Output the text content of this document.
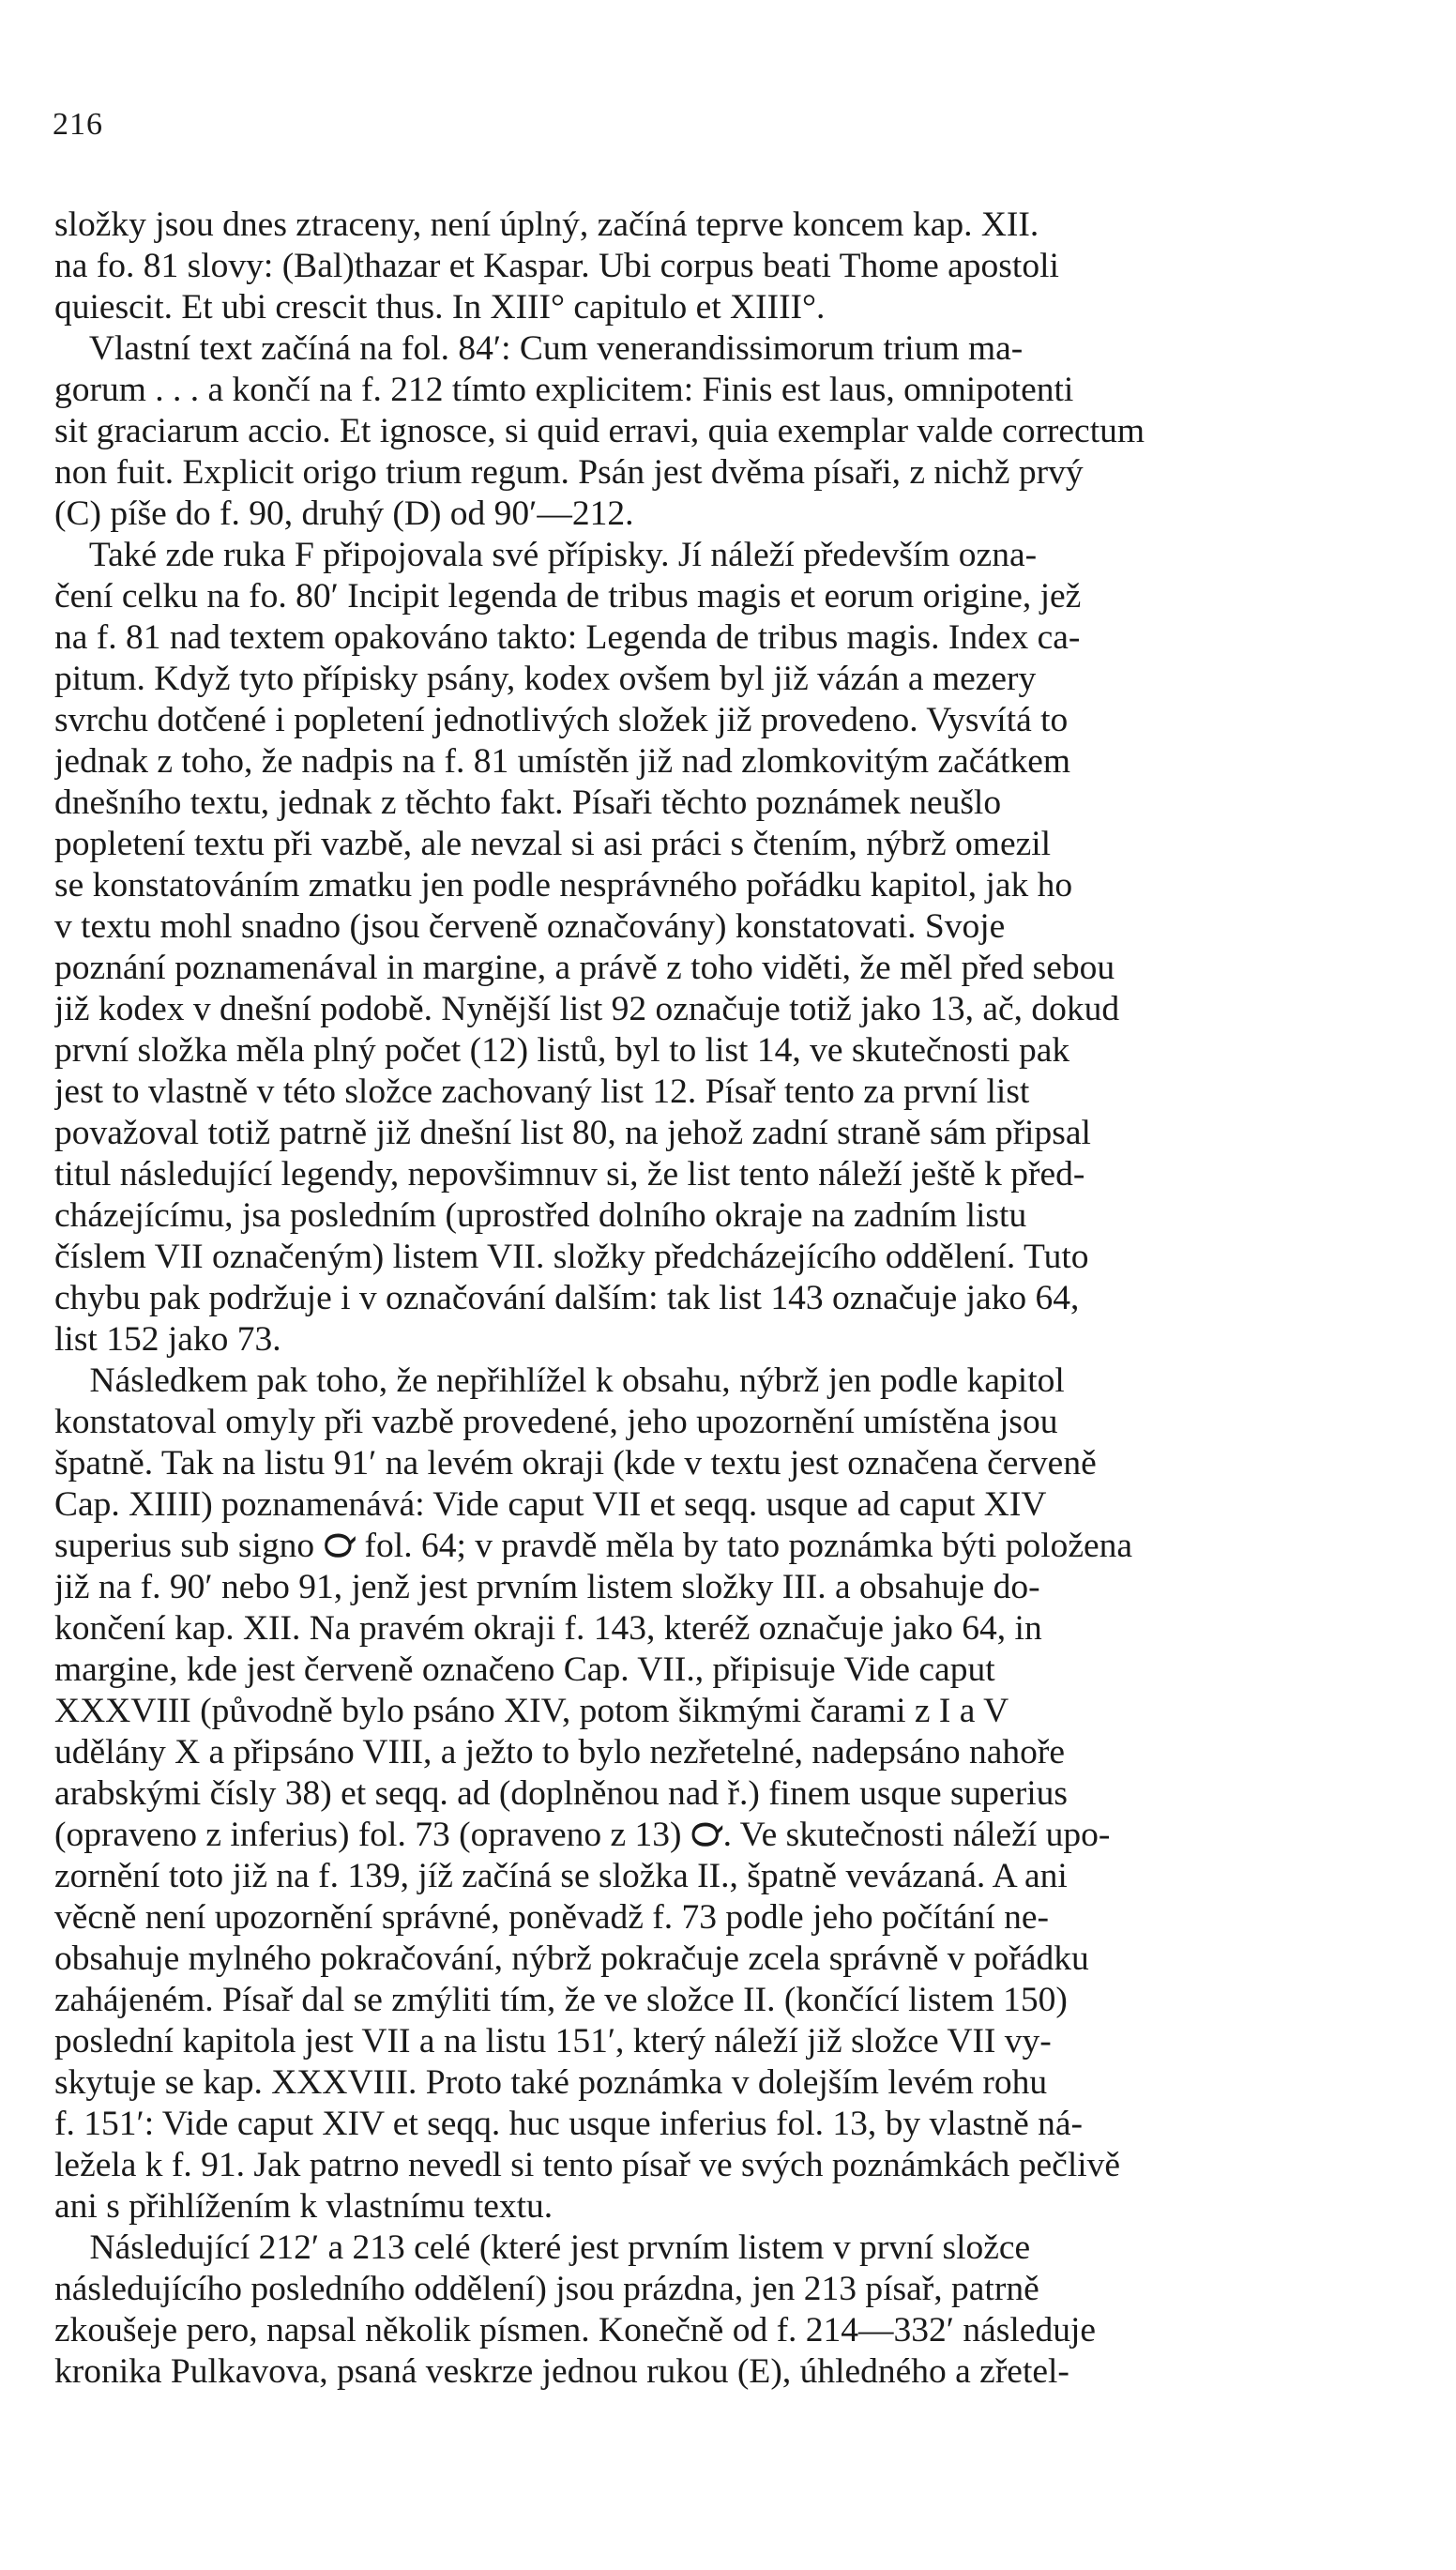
216
složky jsou dnes ztraceny, není úplný, začíná teprve koncem kap. XII.
na fo. 81 slovy: (Bal)thazar et Kaspar. Ubi corpus beati Thome apostoli
quiescit. Et ubi crescit thus. In XIII° capitulo et XIIII°.
Vlastní text začíná na fol. 84′: Cum venerandissimorum trium ma-
gorum . . . a končí na f. 212 tímto explicitem: Finis est laus, omnipotenti
sit graciarum accio. Et ignosce, si quid erravi, quia exemplar valde correctum
non fuit. Explicit origo trium regum. Psán jest dvěma písaři, z nichž prvý
(C) píše do f. 90, druhý (D) od 90′—212.
Také zde ruka F připojovala své přípisky. Jí náleží především ozna-
čení celku na fo. 80′ Incipit legenda de tribus magis et eorum origine, jež
na f. 81 nad textem opakováno takto: Legenda de tribus magis. Index ca-
pitum. Když tyto přípisky psány, kodex ovšem byl již vázán a mezery
svrchu dotčené i popletení jednotlivých složek již provedeno. Vysvítá to
jednak z toho, že nadpis na f. 81 umístěn již nad zlomkovitým začátkem
dnešního textu, jednak z těchto fakt. Písaři těchto poznámek neušlo
popletení textu při vazbě, ale nevzal si asi práci s čtením, nýbrž omezil
se konstatováním zmatku jen podle nesprávného pořádku kapitol, jak ho
v textu mohl snadno (jsou červeně označovány) konstatovati. Svoje
poznání poznamenával in margine, a právě z toho viděti, že měl před sebou
již kodex v dnešní podobě. Nynější list 92 označuje totiž jako 13, ač, dokud
první složka měla plný počet (12) listů, byl to list 14, ve skutečnosti pak
jest to vlastně v této složce zachovaný list 12. Písař tento za první list
považoval totiž patrně již dnešní list 80, na jehož zadní straně sám připsal
titul následující legendy, nepovšimnuv si, že list tento náleží ještě k před-
cházejícímu, jsa posledním (uprostřed dolního okraje na zadním listu
číslem VII označeným) listem VII. složky předcházejícího oddělení. Tuto
chybu pak podržuje i v označování dalším: tak list 143 označuje jako 64,
list 152 jako 73.
Následkem pak toho, že nepřihlížel k obsahu, nýbrž jen podle kapitol
konstatoval omyly při vazbě provedené, jeho upozornění umístěna jsou
špatně. Tak na listu 91′ na levém okraji (kde v textu jest označena červeně
Cap. XIIII) poznamenává: Vide caput VII et seqq. usque ad caput XIV
superius sub signo ℺ fol. 64; v pravdě měla by tato poznámka býti položena
již na f. 90′ nebo 91, jenž jest prvním listem složky III. a obsahuje do-
končení kap. XII. Na pravém okraji f. 143, kteréž označuje jako 64, in
margine, kde jest červeně označeno Cap. VII., připisuje Vide caput
XXXVIII (původně bylo psáno XIV, potom šikmými čarami z I a V
udělány X a připsáno VIII, a ježto to bylo nezřetelné, nadepsáno nahoře
arabskými čísly 38) et seqq. ad (doplněnou nad ř.) finem usque superius
(opraveno z inferius) fol. 73 (opraveno z 13) ℺. Ve skutečnosti náleží upo-
zornění toto již na f. 139, jíž začíná se složka II., špatně vevázaná. A ani
věcně není upozornění správné, poněvadž f. 73 podle jeho počítání ne-
obsahuje mylného pokračování, nýbrž pokračuje zcela správně v pořádku
zahájeném. Písař dal se zmýliti tím, že ve složce II. (končící listem 150)
poslední kapitola jest VII a na listu 151′, který náleží již složce VII vy-
skytuje se kap. XXXVIII. Proto také poznámka v dolejším levém rohu
f. 151′: Vide caput XIV et seqq. huc usque inferius fol. 13, by vlastně ná-
ležela k f. 91. Jak patrno nevedl si tento písař ve svých poznámkách pečlivě
ani s přihlížením k vlastnímu textu.
Následující 212′ a 213 celé (které jest prvním listem v první složce
následujícího posledního oddělení) jsou prázdna, jen 213 písař, patrně
zkoušeje pero, napsal několik písmen. Konečně od f. 214—332′ následuje
kronika Pulkavova, psaná veskrze jednou rukou (E), úhledného a zřetel-
